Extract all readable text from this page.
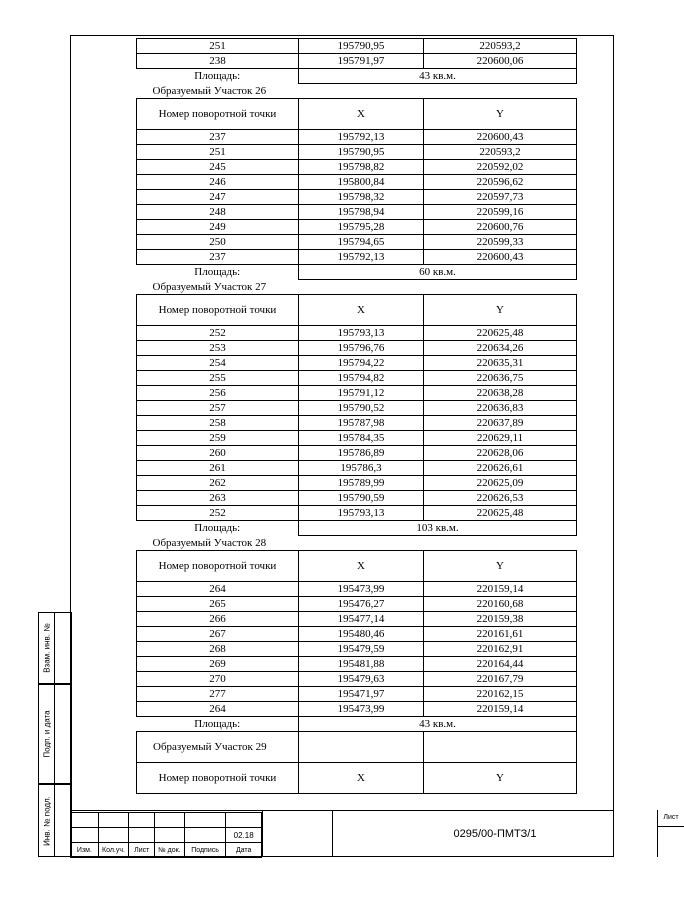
251	195790,95	220593,2
238	195791,97	220600,06
Площадь:	43 кв.м.	
Образуемый Участок 26		
Номер поворотной точки	X	Y
237	195792,13	220600,43
251	195790,95	220593,2
245	195798,82	220592,02
246	195800,84	220596,62
247	195798,32	220597,73
248	195798,94	220599,16
249	195795,28	220600,76
250	195794,65	220599,33
237	195792,13	220600,43
Площадь:	60 кв.м.	
Образуемый Участок 27		
Номер поворотной точки	X	Y
252	195793,13	220625,48
253	195796,76	220634,26
254	195794,22	220635,31
255	195794,82	220636,75
256	195791,12	220638,28
257	195790,52	220636,83
258	195787,98	220637,89
259	195784,35	220629,11
260	195786,89	220628,06
261	195786,3	220626,61
262	195789,99	220625,09
263	195790,59	220626,53
252	195793,13	220625,48
Площадь:	103 кв.м.	
Образуемый Участок 28		
Номер поворотной точки	X	Y
264	195473,99	220159,14
265	195476,27	220160,68
266	195477,14	220159,38
267	195480,46	220161,61
268	195479,59	220162,91
269	195481,88	220164,44
270	195479,63	220167,79
277	195471,97	220162,15
264	195473,99	220159,14
Площадь:	43 кв.м.	
Образуемый Участок 29		
Номер поворотной точки	X	Y
Взам. инв. №
Подп. и дата
Инв. № подл.

						02.18
Изм.	Кол.уч.	Лист	№ док.	Подпись	Дата
0295/00-ПМТЗ/1
Лист
